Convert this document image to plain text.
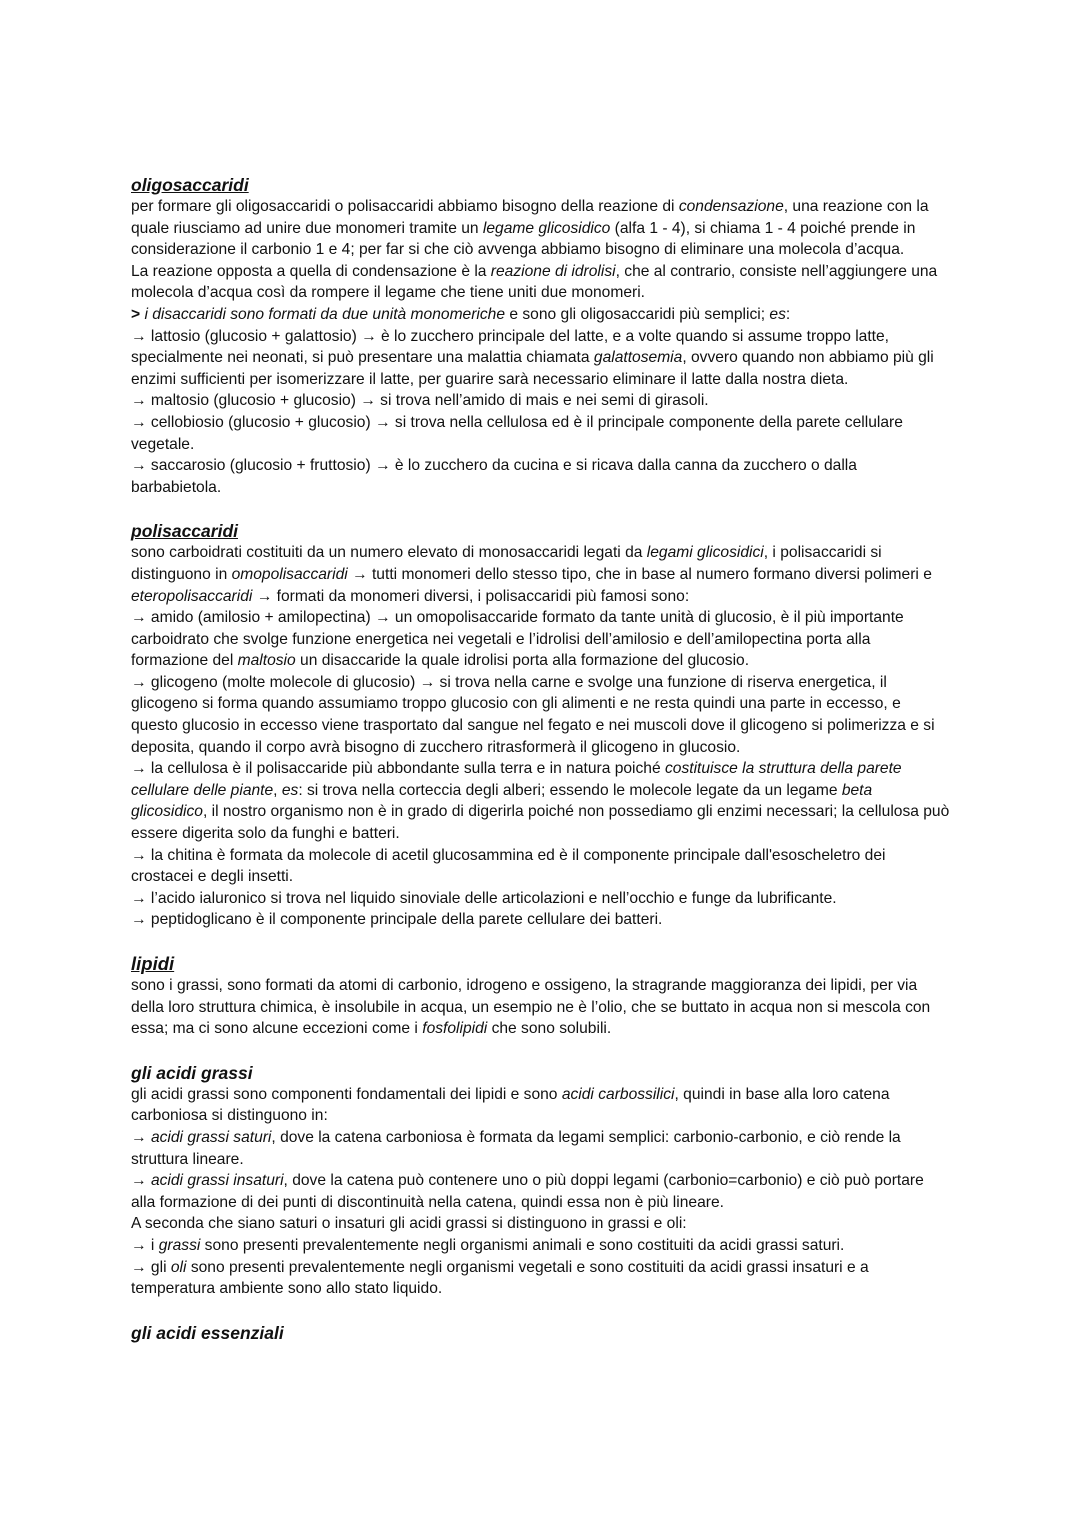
oligosaccaridi

per formare gli oligosaccaridi o polisaccaridi abbiamo bisogno della reazione di condensazione, una reazione con la quale riusciamo ad unire due monomeri tramite un legame glicosidico (alfa 1 - 4), si chiama 1 - 4 poiché prende in considerazione il carbonio 1 e 4; per far si che ciò avvenga abbiamo bisogno di eliminare una molecola d’acqua.

La reazione opposta a quella di condensazione è la reazione di idrolisi, che al contrario, consiste nell’aggiungere una molecola d’acqua così da rompere il legame che tiene uniti due monomeri.

> i disaccaridi sono formati da due unità monomeriche e sono gli oligosaccaridi più semplici; es:

→ lattosio (glucosio + galattosio) → è lo zucchero principale del latte, e a volte quando si assume troppo latte, specialmente nei neonati, si può presentare una malattia chiamata galattosemia, ovvero quando non abbiamo più gli enzimi sufficienti per isomerizzare il latte, per guarire sarà necessario eliminare il latte dalla nostra dieta.

→ maltosio (glucosio + glucosio) → si trova nell’amido di mais e nei semi di girasoli.

→ cellobiosio (glucosio + glucosio) → si trova nella cellulosa ed è il principale componente della parete cellulare vegetale.

→ saccarosio (glucosio + fruttosio) → è lo zucchero da cucina e si ricava dalla canna da zucchero o dalla barbabietola.

polisaccaridi

sono carboidrati costituiti da un numero elevato di monosaccaridi legati da legami glicosidici, i polisaccaridi si distinguono in omopolisaccaridi → tutti monomeri dello stesso tipo, che in base al numero formano diversi polimeri e eteropolisaccaridi → formati da monomeri diversi, i polisaccaridi più famosi sono:

→ amido (amilosio + amilopectina) → un omopolisaccaride formato da tante unità di glucosio, è il più importante carboidrato che svolge funzione energetica nei vegetali e l’idrolisi dell’amilosio e dell’amilopectina porta alla formazione del maltosio un disaccaride la quale idrolisi porta alla formazione del glucosio.

→ glicogeno (molte molecole di glucosio) → si trova nella carne e svolge una funzione di riserva energetica, il glicogeno si forma quando assumiamo troppo glucosio con gli alimenti e ne resta quindi una parte in eccesso, e questo glucosio in eccesso viene trasportato dal sangue nel fegato e nei muscoli dove il glicogeno si polimerizza e si deposita, quando il corpo avrà bisogno di zucchero ritrasformerà il glicogeno in glucosio.

→ la cellulosa è il polisaccaride più abbondante sulla terra e in natura poiché costituisce la struttura della parete cellulare delle piante, es: si trova nella corteccia degli alberi; essendo le molecole legate da un legame beta glicosidico, il nostro organismo non è in grado di digerirla poiché non possediamo gli enzimi necessari; la cellulosa può essere digerita solo da funghi e batteri.

→ la chitina è formata da molecole di acetil glucosammina ed è il componente principale dall'esoscheletro dei crostacei e degli insetti.

→ l’acido ialuronico si trova nel liquido sinoviale delle articolazioni e nell’occhio e funge da lubrificante.

→ peptidoglicano è il componente principale della parete cellulare dei batteri.

lipidi

sono i grassi, sono formati da atomi di carbonio, idrogeno e ossigeno, la stragrande maggioranza dei lipidi, per via della loro struttura chimica, è insolubile in acqua, un esempio ne è l’olio, che se buttato in acqua non si mescola con essa; ma ci sono alcune eccezioni come i fosfolipidi che sono solubili.

gli acidi grassi

gli acidi grassi sono componenti fondamentali dei lipidi e sono acidi carbossilici, quindi in base alla loro catena carboniosa si distinguono in:

→ acidi grassi saturi, dove la catena carboniosa è formata da legami semplici: carbonio-carbonio, e ciò rende la struttura lineare.

→ acidi grassi insaturi, dove la catena può contenere uno o più doppi legami (carbonio=carbonio) e ciò può portare alla formazione di dei punti di discontinuità nella catena, quindi essa non è più lineare.

A seconda che siano saturi o insaturi gli acidi grassi si distinguono in grassi e oli:

→ i grassi sono presenti prevalentemente negli organismi animali e sono costituiti da acidi grassi saturi.

→ gli oli sono presenti prevalentemente negli organismi vegetali e sono costituiti da acidi grassi insaturi e a temperatura ambiente sono allo stato liquido.

gli acidi essenziali
